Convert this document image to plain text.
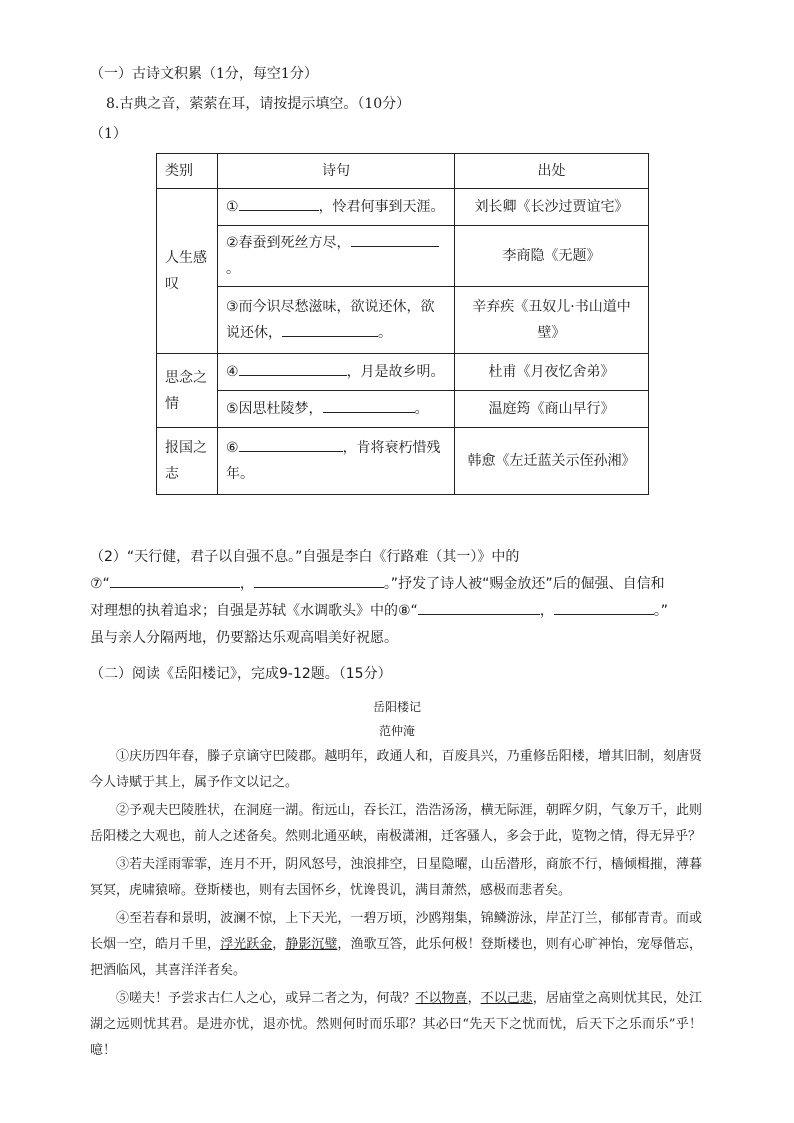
（一）古诗文积累（1分，每空1分）
8.古典之音，萦萦在耳，请按提示填空。（10分）
（1）
类别	诗句	出处
人生感叹	① ，怜君何事到天涯。	刘长卿《长沙过贾谊宅》
	②春蚕到死丝方尽，。	李商隐《无题》
	③而今识尽愁滋味，欲说还休，欲说还休， 。	辛弃疾《丑奴儿·书山道中壁》
思念之情	④ ，月是故乡明。	杜甫《月夜忆舍弟》
	⑤因思杜陵梦， 。	温庭筠《商山早行》
报国之志	⑥ ，肯将衰朽惜残年。	韩愈《左迁蓝关示侄孙湘》
（2）“天行健，君子以自强不息。”自强是李白《行路难（其一）》中的
⑦“	，	。”抒发了诗人被“赐金放还”后的倔强、自信和
对理想的执着追求；自强是苏轼《水调歌头》中的⑧“	，	。”
虽与亲人分隔两地，仍要豁达乐观高唱美好祝愿。
（二）阅读《岳阳楼记》，完成9-12题。（15分）
岳阳楼记
范仲淹
①庆历四年春，滕子京谪守巴陵郡。越明年，政通人和，百废具兴，乃重修岳阳楼，增其旧制，刻唐贤今人诗赋于其上，属予作文以记之。
②予观夫巴陵胜状，在洞庭一湖。衔远山，吞长江，浩浩汤汤，横无际涯，朝晖夕阴，气象万千，此则岳阳楼之大观也，前人之述备矣。然则北通巫峡，南极潇湘，迁客骚人，多会于此，览物之情，得无异乎？
③若夫淫雨霏霏，连月不开，阴风怒号，浊浪排空，日星隐曜，山岳潜形，商旅不行，樯倾楫摧，薄暮冥冥，虎啸猿啼。登斯楼也，则有去国怀乡，忧谗畏讥，满目萧然，感极而悲者矣。
④至若春和景明，波澜不惊，上下天光，一碧万顷，沙鸥翔集，锦鳞游泳，岸芷汀兰，郁郁青青。而或长烟一空，皓月千里，浮光跃金，静影沉璧，渔歌互答，此乐何极！登斯楼也，则有心旷神怡，宠辱偕忘，把酒临风，其喜洋洋者矣。
⑤嗟夫！予尝求古仁人之心，或异二者之为，何哉？不以物喜，不以己悲，居庙堂之高则忧其民，处江湖之远则忧其君。是进亦忧，退亦忧。然则何时而乐耶？其必曰“先天下之忧而忧，后天下之乐而乐”乎！噫！
